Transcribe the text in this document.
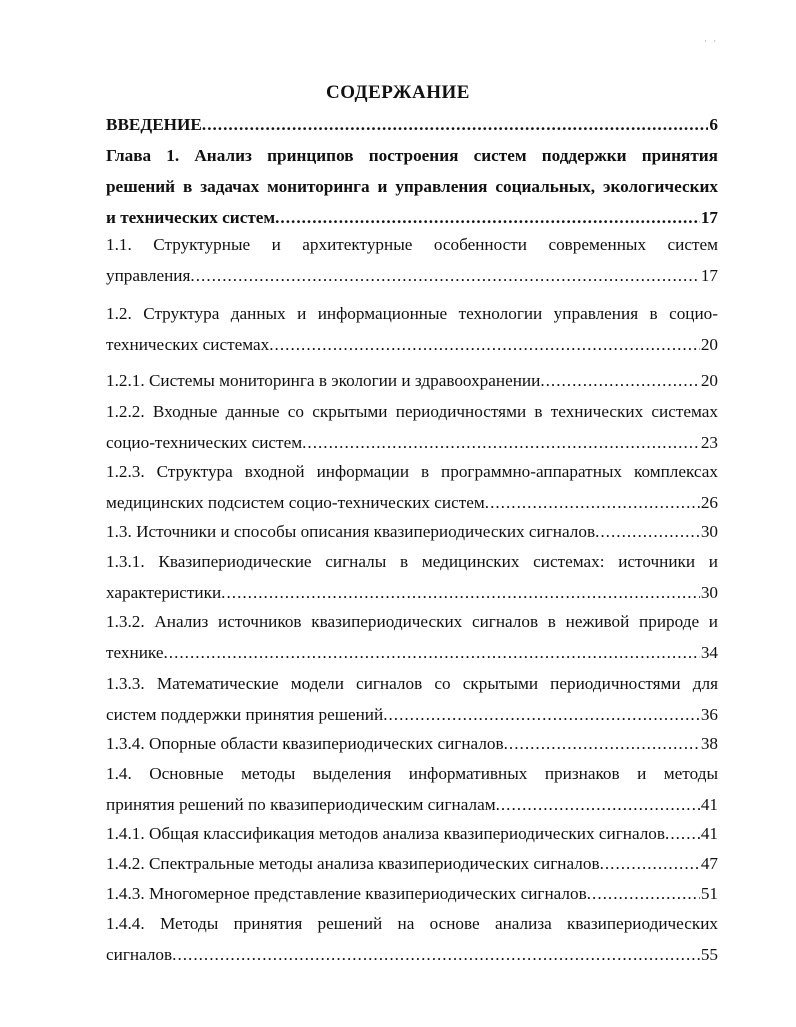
· ·
СОДЕРЖАНИЕ
ВВЕДЕНИЕ .....	6
Глава 1. Анализ принципов построения систем поддержки принятия
решений в задачах мониторинга и управления социальных, экологических
и технических систем .....	17
1.1. Структурные и архитектурные особенности современных систем
управления .....	17
1.2. Структура данных и информационные технологии управления в социо-
технических системах .....	20
1.2.1. Системы мониторинга в экологии и здравоохранении .....	20
1.2.2. Входные данные со скрытыми периодичностями в технических системах
социо-технических систем .....	23
1.2.3. Структура входной информации в программно-аппаратных комплексах
медицинских подсистем социо-технических систем .....	26
1.3. Источники и способы описания квазипериодических сигналов .....	30
1.3.1. Квазипериодические сигналы в медицинских системах: источники и
характеристики .....	30
1.3.2. Анализ источников квазипериодических сигналов в неживой природе и
технике .....	34
1.3.3. Математические модели сигналов со скрытыми периодичностями для
систем поддержки принятия решений .....	36
1.3.4. Опорные области квазипериодических сигналов .....	38
1.4. Основные методы выделения информативных признаков и методы
принятия решений по квазипериодическим сигналам .....	41
1.4.1. Общая классификация методов анализа квазипериодических сигналов ..... 41
1.4.2. Спектральные методы анализа квазипериодических сигналов .....	47
1.4.3. Многомерное представление квазипериодических сигналов .....	51
1.4.4. Методы принятия решений на основе анализа квазипериодических
сигналов .....	55
